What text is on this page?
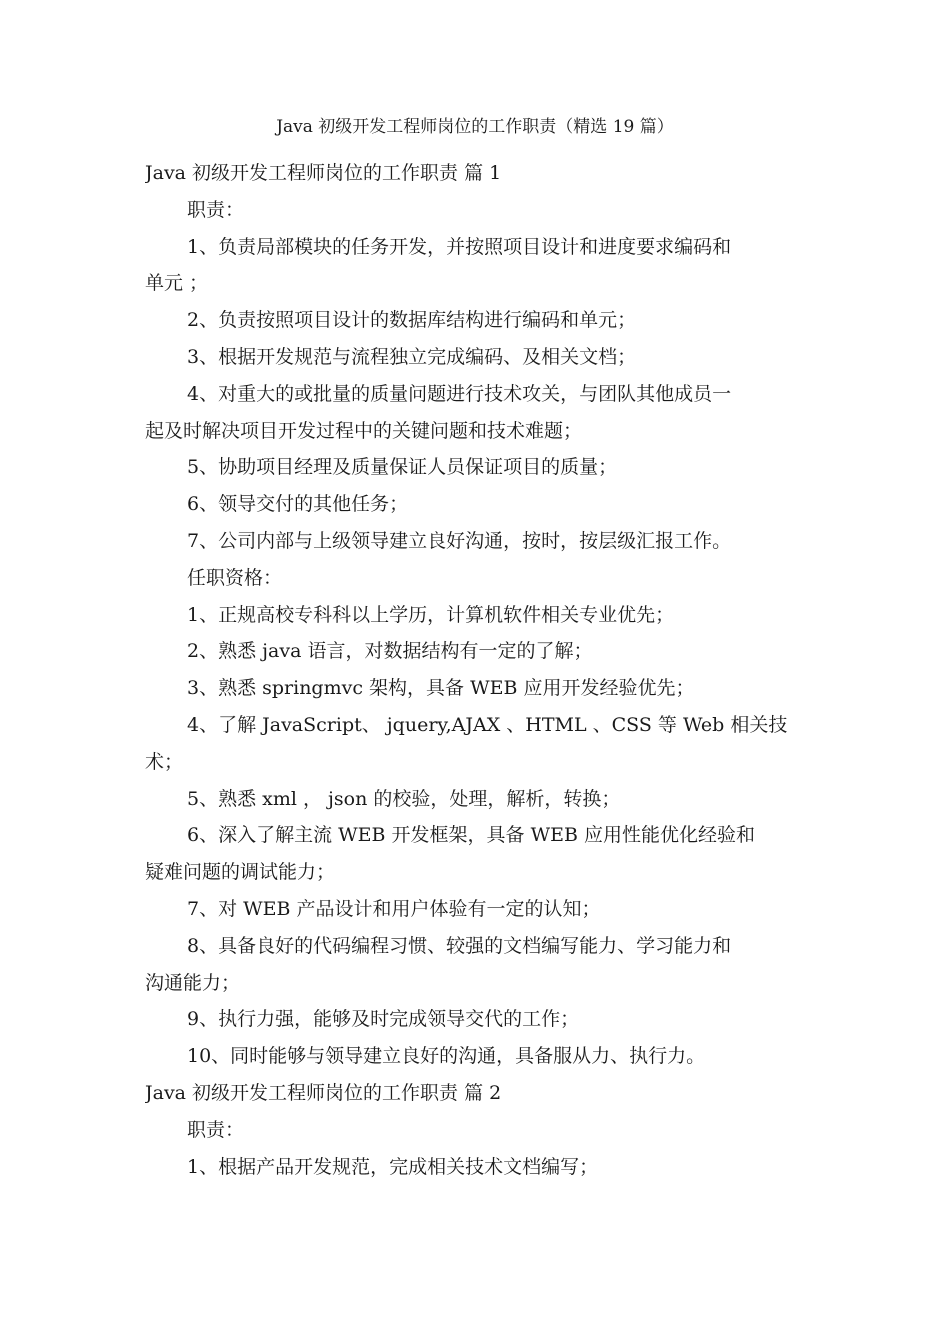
Java 初级开发工程师岗位的工作职责（精选 19 篇）
Java 初级开发工程师岗位的工作职责 篇 1
职责：
1、负责局部模块的任务开发，并按照项目设计和进度要求编码和
单元 ；
2、负责按照项目设计的数据库结构进行编码和单元；
3、根据开发规范与流程独立完成编码、及相关文档；
4、对重大的或批量的质量问题进行技术攻关，与团队其他成员一
起及时解决项目开发过程中的关键问题和技术难题；
5、协助项目经理及质量保证人员保证项目的质量；
6、领导交付的其他任务；
7、公司内部与上级领导建立良好沟通，按时，按层级汇报工作。
任职资格：
1、正规高校专科科以上学历，计算机软件相关专业优先；
2、熟悉 java 语言，对数据结构有一定的了解；
3、熟悉 springmvc 架构，具备 WEB 应用开发经验优先；
4、了解 JavaScript、 jquery,AJAX 、HTML 、CSS 等 Web 相关技
术；
5、熟悉 xml ， json 的校验，处理，解析，转换；
6、深入了解主流 WEB 开发框架，具备 WEB 应用性能优化经验和
疑难问题的调试能力；
7、对 WEB 产品设计和用户体验有一定的认知；
8、具备良好的代码编程习惯、较强的文档编写能力、学习能力和
沟通能力；
9、执行力强，能够及时完成领导交代的工作；
10、同时能够与领导建立良好的沟通，具备服从力、执行力。
Java 初级开发工程师岗位的工作职责 篇 2
职责：
1、根据产品开发规范，完成相关技术文档编写；
